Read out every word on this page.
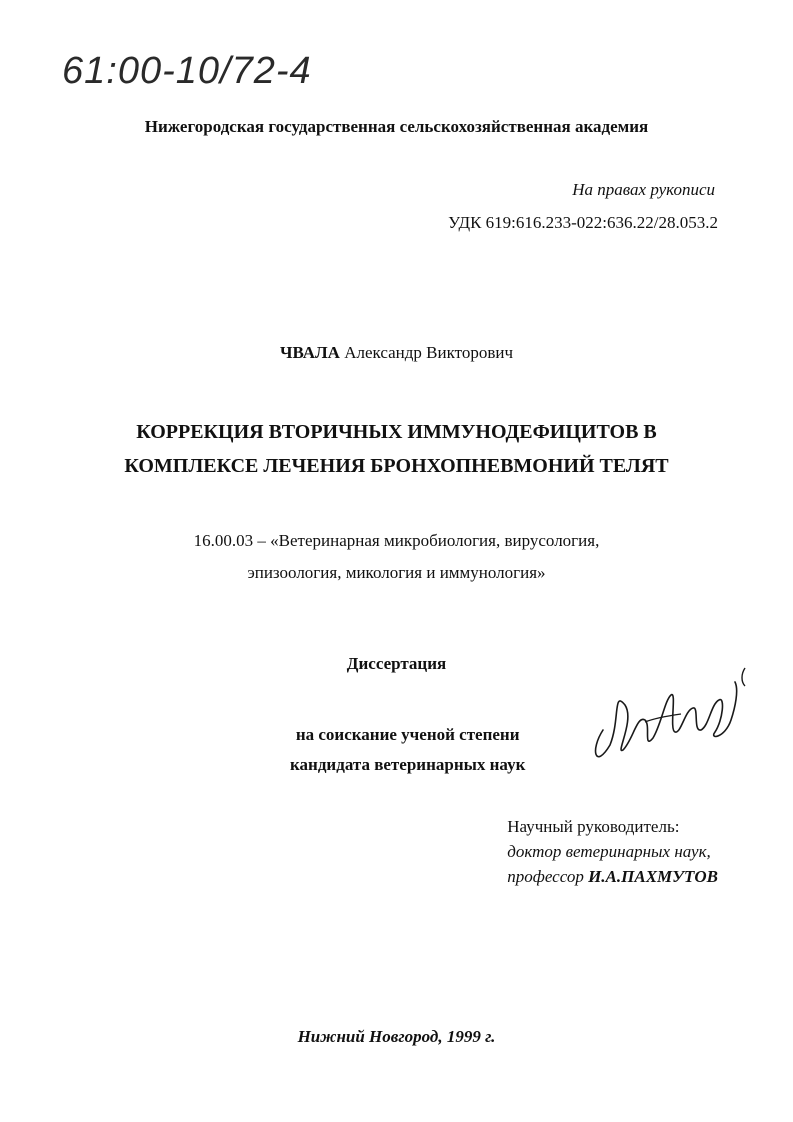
61:00-10/72-4
Нижегородская государственная сельскохозяйственная академия
На правах рукописи
УДК 619:616.233-022:636.22/28.053.2
ЧВАЛА Александр Викторович
КОРРЕКЦИЯ ВТОРИЧНЫХ ИММУНОДЕФИЦИТОВ В
КОМПЛЕКСЕ ЛЕЧЕНИЯ БРОНХОПНЕВМОНИЙ ТЕЛЯТ
16.00.03 – «Ветеринарная микробиология, вирусология,
эпизоология, микология и иммунология»
Диссертация
на соискание ученой степени
кандидата ветеринарных наук
Научный руководитель:
доктор ветеринарных наук,
профессор И.А.ПАХМУТОВ
Нижний Новгород, 1999 г.
